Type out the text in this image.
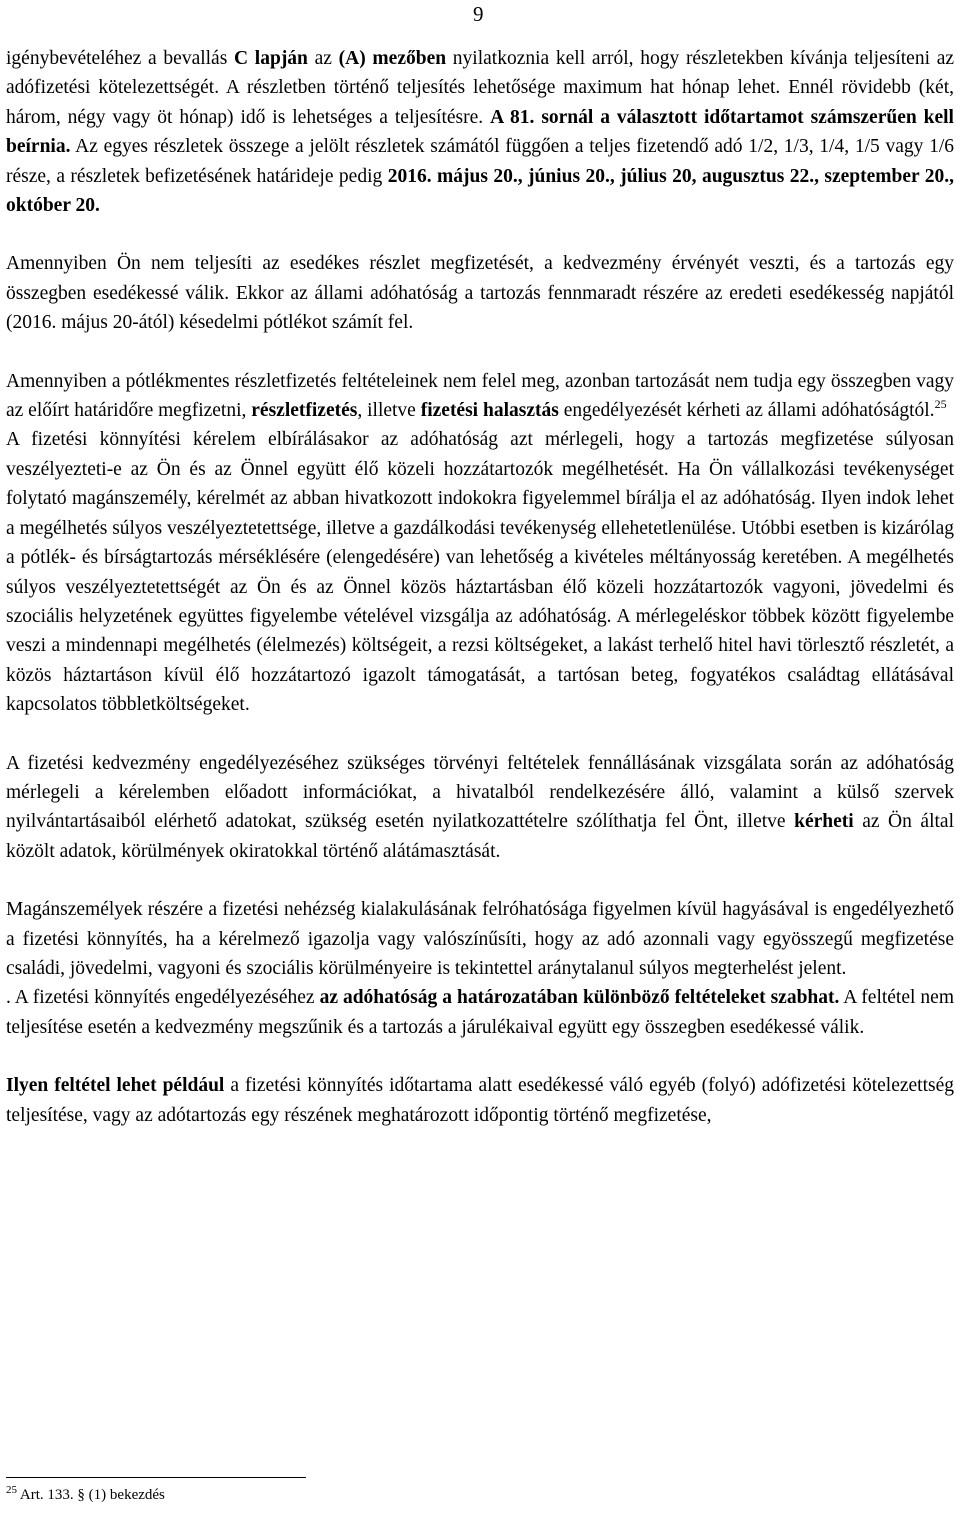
9

igénybevételéhez a bevallás C lapján az (A) mezőben nyilatkoznia kell arról, hogy részletekben kívánja teljesíteni az adófizetési kötelezettségét. A részletben történő teljesítés lehetősége maximum hat hónap lehet. Ennél rövidebb (két, három, négy vagy öt hónap) idő is lehetséges a teljesítésre. A 81. sornál a választott időtartamot számszerűen kell beírnia. Az egyes részletek összege a jelölt részletek számától függően a teljes fizetendő adó 1/2, 1/3, 1/4, 1/5 vagy 1/6 része, a részletek befizetésének határideje pedig 2016. május 20., június 20., július 20, augusztus 22., szeptember 20., október 20.

Amennyiben Ön nem teljesíti az esedékes részlet megfizetését, a kedvezmény érvényét veszti, és a tartozás egy összegben esedékessé válik. Ekkor az állami adóhatóság a tartozás fennmaradt részére az eredeti esedékesség napjától (2016. május 20-ától) késedelmi pótlékot számít fel.

Amennyiben a pótlékmentes részletfizetés feltételeinek nem felel meg, azonban tartozását nem tudja egy összegben vagy az előírt határidőre megfizetni, részletfizetés, illetve fizetési halasztás engedélyezését kérheti az állami adóhatóságtól.$^{25}$

A fizetési könnyítési kérelem elbírálásakor az adóhatóság azt mérlegeli, hogy a tartozás megfizetése súlyosan veszélyezteti-e az Ön és az Önnel együtt élő közeli hozzátartozók megélhetését. Ha Ön vállalkozási tevékenységet folytató magánszemély, kérelmét az abban hivatkozott indokokra figyelemmel bírálja el az adóhatóság. Ilyen indok lehet a megélhetés súlyos veszélyeztetettsége, illetve a gazdálkodási tevékenység ellehetetlenülése. Utóbbi esetben is kizárólag a pótlék- és bírságtartozás mérséklésére (elengedésére) van lehetőség a kivételes méltányosság keretében. A megélhetés súlyos veszélyeztetettségét az Ön és az Önnel közös háztartásban élő közeli hozzátartozók vagyoni, jövedelmi és szociális helyzetének együttes figyelembe vételével vizsgálja az adóhatóság. A mérlegeléskor többek között figyelembe veszi a mindennapi megélhetés (élelmezés) költségeit, a rezsi költségeket, a lakást terhelő hitel havi törlesztő részletét, a közös háztartáson kívül élő hozzátartozó igazolt támogatását, a tartósan beteg, fogyatékos családtag ellátásával kapcsolatos többletköltségeket.

A fizetési kedvezmény engedélyezéséhez szükséges törvényi feltételek fennállásának vizsgálata során az adóhatóság mérlegeli a kérelemben előadott információkat, a hivatalból rendelkezésére álló, valamint a külső szervek nyilvántartásaiból elérhető adatokat, szükség esetén nyilatkozattételre szólíthatja fel Önt, illetve kérheti az Ön által közölt adatok, körülmények okiratokkal történő alátámasztását.

Magánszemélyek részére a fizetési nehézség kialakulásának felróhatósága figyelmen kívül hagyásával is engedélyezhető a fizetési könnyítés, ha a kérelmező igazolja vagy valószínűsíti, hogy az adó azonnali vagy egyösszegű megfizetése családi, jövedelmi, vagyoni és szociális körülményeire is tekintettel aránytalanul súlyos megterhelést jelent.

. A fizetési könnyítés engedélyezéséhez az adóhatóság a határozatában különböző feltételeket szabhat. A feltétel nem teljesítése esetén a kedvezmény megszűnik és a tartozás a járulékaival együtt egy összegben esedékessé válik.

Ilyen feltétel lehet például a fizetési könnyítés időtartama alatt esedékessé váló egyéb (folyó) adófizetési kötelezettség teljesítése, vagy az adótartozás egy részének meghatározott időpontig történő megfizetése,

$^{25}$ Art. 133. § (1) bekezdés
